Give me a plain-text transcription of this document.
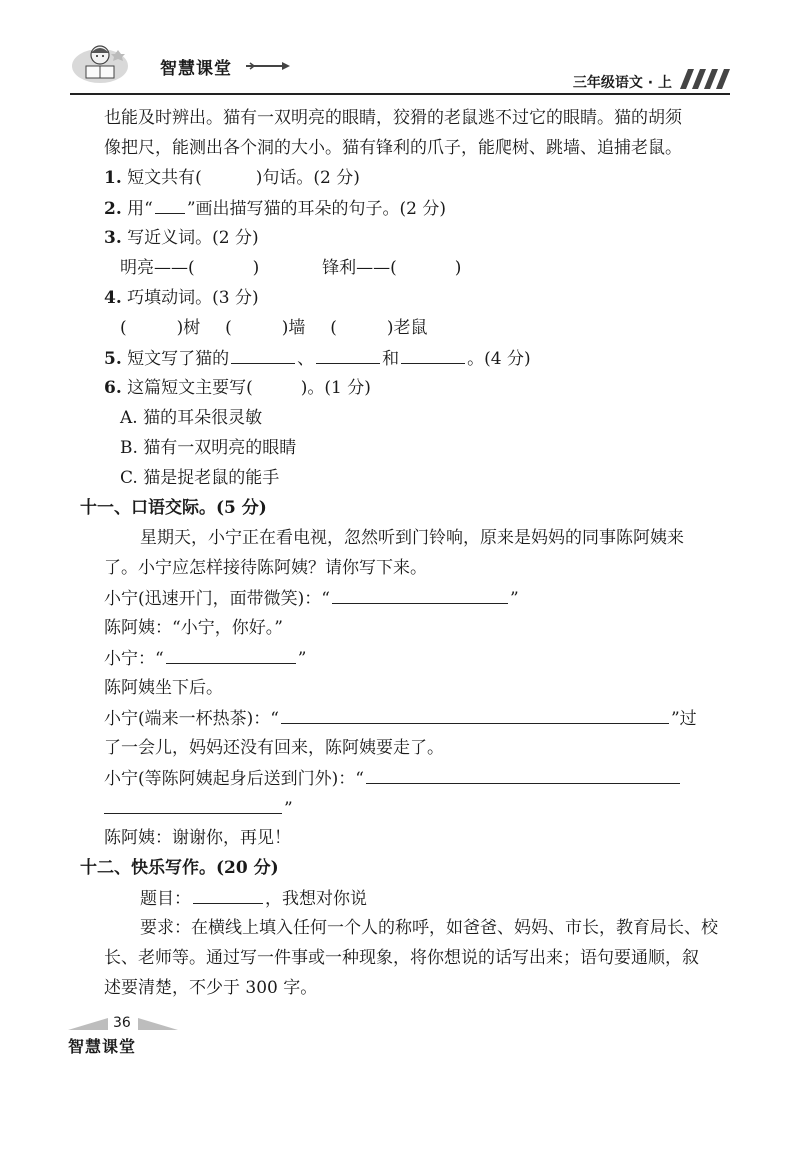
智慧课堂
三年级语文 · 上
也能及时辨出。猫有一双明亮的眼睛，狡猾的老鼠逃不过它的眼睛。猫的胡须
像把尺，能测出各个洞的大小。猫有锋利的爪子，能爬树、跳墙、追捕老鼠。
1. 短文共有(	)句话。(2 分)
2. 用“ ”画出描写猫的耳朵的句子。(2 分)
3. 写近义词。(2 分)
明亮——(	)	锋利——(	)
4. 巧填动词。(3 分)
(	)树 (	)墙 (	)老鼠
5. 短文写了猫的	、	和	。(4 分)
6. 这篇短文主要写(	)。(1 分)
A. 猫的耳朵很灵敏
B. 猫有一双明亮的眼睛
C. 猫是捉老鼠的能手
十一、口语交际。(5 分)
星期天，小宁正在看电视，忽然听到门铃响，原来是妈妈的同事陈阿姨来
了。小宁应怎样接待陈阿姨？请你写下来。
小宁(迅速开门，面带微笑)：“	”
陈阿姨：“小宁，你好。”
小宁：“	”
陈阿姨坐下后。
小宁(端来一杯热茶)：“	”过
了一会儿，妈妈还没有回来，陈阿姨要走了。
小宁(等陈阿姨起身后送到门外)：“
”
陈阿姨：谢谢你，再见！
十二、快乐写作。(20 分)
题目：	，我想对你说
要求：在横线上填入任何一个人的称呼，如爸爸、妈妈、市长，教育局长、校
长、老师等。通过写一件事或一种现象，将你想说的话写出来；语句要通顺，叙
述要清楚，不少于 300 字。
36
智慧课堂
